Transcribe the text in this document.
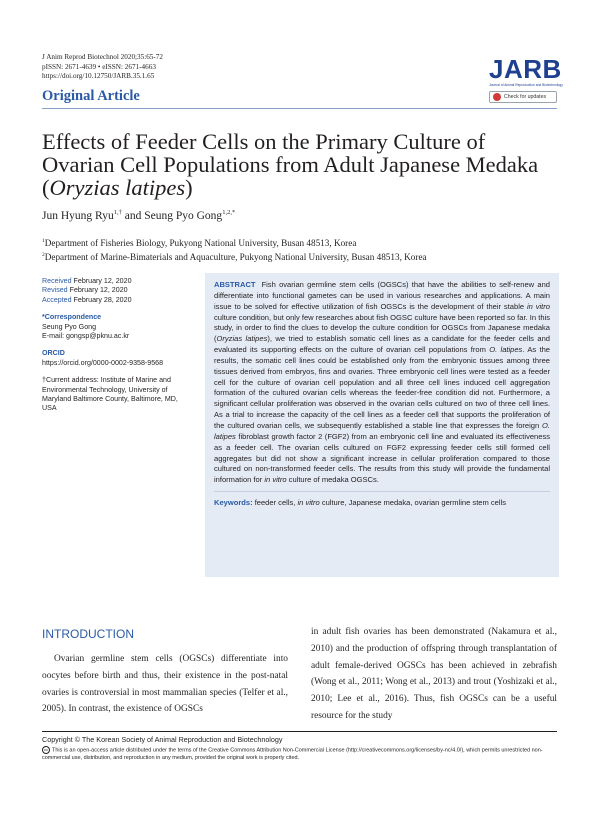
J Anim Reprod Biotechnol 2020;35:65-72
pISSN: 2671-4639 • eISSN: 2671-4663
https://doi.org/10.12750/JARB.35.1.65
Original Article
JARB
Journal of Animal Reproduction and Biotechnology
Check for updates
Effects of Feeder Cells on the Primary Culture of Ovarian Cell Populations from Adult Japanese Medaka (Oryzias latipes)
Jun Hyung Ryu$^{1,\dagger}$ and Seung Pyo Gong$^{1,2,*}$
$^1$Department of Fisheries Biology, Pukyong National University, Busan 48513, Korea
$^2$Department of Marine-Bimaterials and Aquaculture, Pukyong National University, Busan 48513, Korea
Received February 12, 2020
Revised February 12, 2020
Accepted February 28, 2020
*Correspondence
Seung Pyo Gong
E-mail: gongsp@pknu.ac.kr
ORCID
https://orcid.org/0000-0002-9358-9568
†Current address: Institute of Marine and Environmental Technology, University of Maryland Baltimore County, Baltimore, MD, USA
ABSTRACT Fish ovarian germline stem cells (OGSCs) that have the abilities to self-renew and differentiate into functional gametes can be used in various researches and applications. A main issue to be solved for effective utilization of fish OGSCs is the development of their stable in vitro culture condition, but only few researches about fish OGSC culture have been reported so far. In this study, in order to find the clues to develop the culture condition for OGSCs from Japanese medaka (Oryzias latipes), we tried to establish somatic cell lines as a candidate for the feeder cells and evaluated its supporting effects on the culture of ovarian cell populations from O. latipes. As the results, the somatic cell lines could be established only from the embryonic tissues among three tissues derived from embryos, fins and ovaries. Three embryonic cell lines were tested as a feeder cell for the culture of ovarian cell population and all three cell lines induced cell aggregation formation of the cultured ovarian cells whereas the feeder-free condition did not. Furthermore, a significant cellular proliferation was observed in the ovarian cells cultured on two of three cell lines. As a trial to increase the capacity of the cell lines as a feeder cell that supports the proliferation of the cultured ovarian cells, we subsequently established a stable line that expresses the foreign O. latipes fibroblast growth factor 2 (FGF2) from an embryonic cell line and evaluated its effectiveness as a feeder cell. The ovarian cells cultured on FGF2 expressing feeder cells still formed cell aggregates but did not show a significant increase in cellular proliferation compared to those cultured on non-transformed feeder cells. The results from this study will provide the fundamental information for in vitro culture of medaka OGSCs.
Keywords: feeder cells, in vitro culture, Japanese medaka, ovarian germline stem cells
INTRODUCTION
Ovarian germline stem cells (OGSCs) differentiate into oocytes before birth and thus, their existence in the post-natal ovaries is controversial in most mammalian species (Telfer et al., 2005). In contrast, the existence of OGSCs
in adult fish ovaries has been demonstrated (Nakamura et al., 2010) and the production of offspring through transplantation of adult female-derived OGSCs has been achieved in zebrafish (Wong et al., 2011; Wong et al., 2013) and trout (Yoshizaki et al., 2010; Lee et al., 2016). Thus, fish OGSCs can be a useful resource for the study
Copyright © The Korean Society of Animal Reproduction and Biotechnology
cc This is an open-access article distributed under the terms of the Creative Commons Attribution Non-Commercial License (http://creativecommons.org/licenses/by-nc/4.0/), which permits unrestricted non-commercial use, distribution, and reproduction in any medium, provided the original work is properly cited.
